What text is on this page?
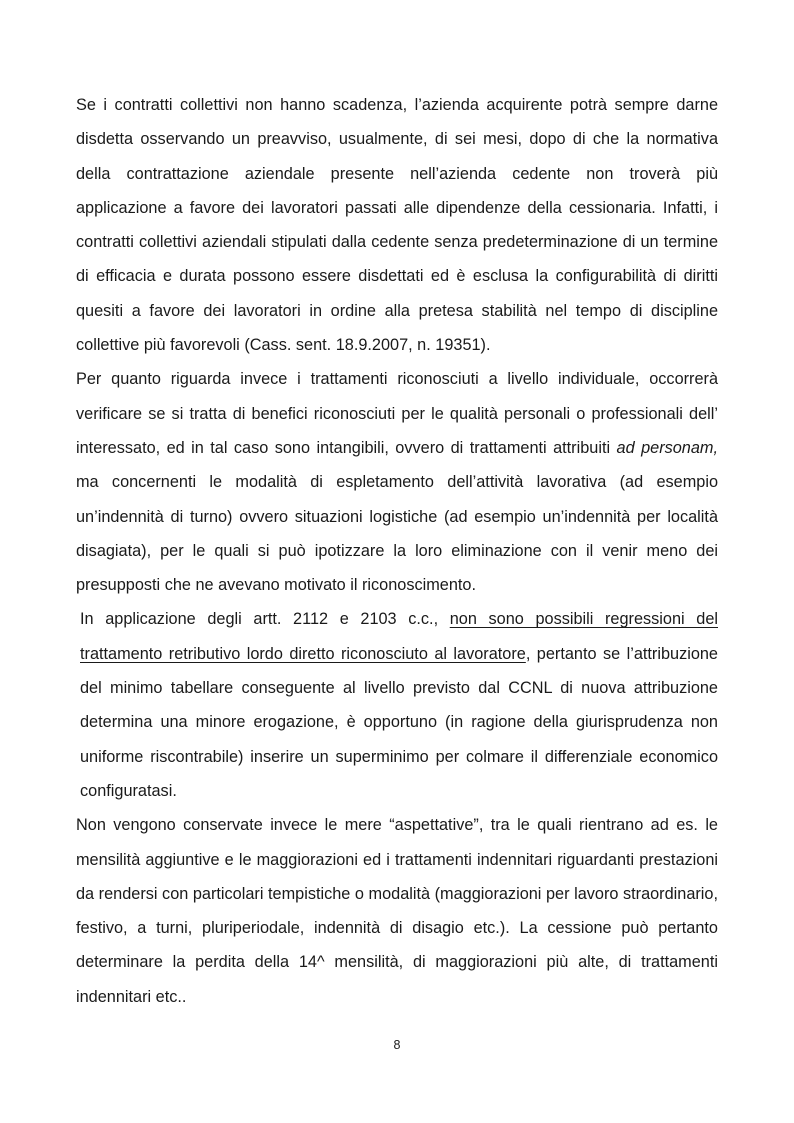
Se i contratti collettivi non hanno scadenza, l’azienda acquirente potrà sempre darne disdetta osservando un preavviso, usualmente, di sei mesi, dopo di che la normativa della contrattazione aziendale presente nell’azienda cedente non troverà più applicazione a favore dei lavoratori passati alle dipendenze della cessionaria. Infatti, i contratti collettivi aziendali stipulati dalla cedente senza predeterminazione di un termine di efficacia e durata possono essere disdettati ed è esclusa la configurabilità di diritti quesiti a favore dei lavoratori in ordine alla pretesa stabilità nel tempo di discipline collettive più favorevoli (Cass. sent. 18.9.2007, n. 19351).

Per quanto riguarda invece i trattamenti riconosciuti a livello individuale, occorrerà verificare se si tratta di benefici riconosciuti per le qualità personali o professionali dell’ interessato, ed in tal caso sono intangibili, ovvero di trattamenti attribuiti ad personam, ma concernenti le modalità di espletamento dell’attività lavorativa (ad esempio un’indennità di turno) ovvero situazioni logistiche (ad esempio un’indennità per località disagiata), per le quali si può ipotizzare la loro eliminazione con il venir meno dei presupposti che ne avevano motivato il riconoscimento.

In applicazione degli artt. 2112 e 2103 c.c., non sono possibili regressioni del trattamento retributivo lordo diretto riconosciuto al lavoratore, pertanto se l’attribuzione del minimo tabellare conseguente al livello previsto dal CCNL di nuova attribuzione determina una minore erogazione, è opportuno (in ragione della giurisprudenza non uniforme riscontrabile) inserire un superminimo per colmare il differenziale economico configuratasi.

Non vengono conservate invece le mere “aspettative”, tra le quali rientrano ad es. le mensilità aggiuntive e le maggiorazioni ed i trattamenti indennitari riguardanti prestazioni da rendersi con particolari tempistiche o modalità (maggiorazioni per lavoro straordinario, festivo, a turni, pluriperiodale, indennità di disagio etc.). La cessione può pertanto determinare la perdita della 14^ mensilità, di maggiorazioni più alte, di trattamenti indennitari etc..

8
